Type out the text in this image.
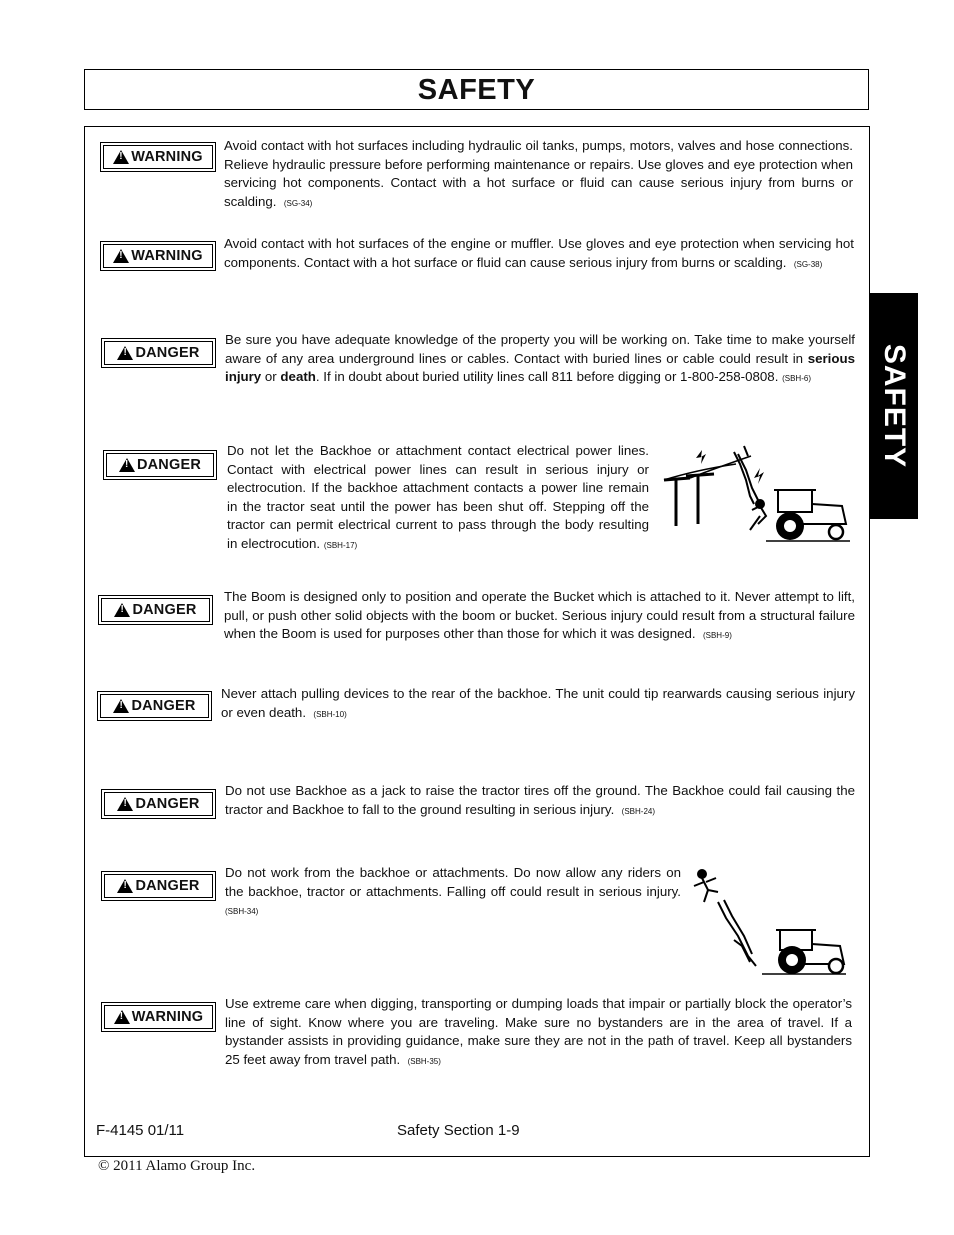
SAFETY
SAFETY
!
WARNING
Avoid contact with hot surfaces including hydraulic oil tanks, pumps, motors, valves and hose connections. Relieve hydraulic pressure before performing maintenance or repairs. Use gloves and eye protection when servicing hot components. Contact with a hot surface or fluid can cause serious injury from burns or scalding. (SG-34)
!
WARNING
Avoid contact with hot surfaces of the engine or muffler. Use gloves and eye protection when servicing hot components. Contact with a hot surface or fluid can cause serious injury from burns or scalding. (SG-38)
!
DANGER
Be sure you have adequate knowledge of the property you will be working on. Take time to make yourself aware of any area underground lines or cables. Contact with buried lines or cable could result in serious injury or death. If in doubt about buried utility lines call 811 before digging or 1-800-258-0808. (SBH-6)
!
DANGER
Do not let the Backhoe or attachment contact electrical power lines. Contact with electrical power lines can result in serious injury or electrocution. If the backhoe attachment contacts a power line remain in the tractor seat until the power has been shut off. Stepping off the tractor can permit electrical current to pass through the body resulting in electrocution. (SBH-17)
!
DANGER
The Boom is designed only to position and operate the Bucket which is attached to it. Never attempt to lift, pull, or push other solid objects with the boom or bucket. Serious injury could result from a structural failure when the Boom is used for purposes other than those for which it was designed. (SBH-9)
!
DANGER
Never attach pulling devices to the rear of the backhoe. The unit could tip rearwards causing serious injury or even death. (SBH-10)
!
DANGER
Do not use Backhoe as a jack to raise the tractor tires off the ground. The Backhoe could fail causing the tractor and Backhoe to fall to the ground resulting in serious injury. (SBH-24)
!
DANGER
Do not work from the backhoe or attachments. Do now allow any riders on the backhoe, tractor or attachments. Falling off could result in serious injury. (SBH-34)
!
WARNING
Use extreme care when digging, transporting or dumping loads that impair or partially block the operator’s line of sight. Know where you are traveling. Make sure no bystanders are in the area of travel. If a bystander assists in providing guidance, make sure they are not in the path of travel. Keep all bystanders 25 feet away from travel path. (SBH-35)
F-4145 01/11	Safety Section 1-9
© 2011 Alamo Group Inc.
